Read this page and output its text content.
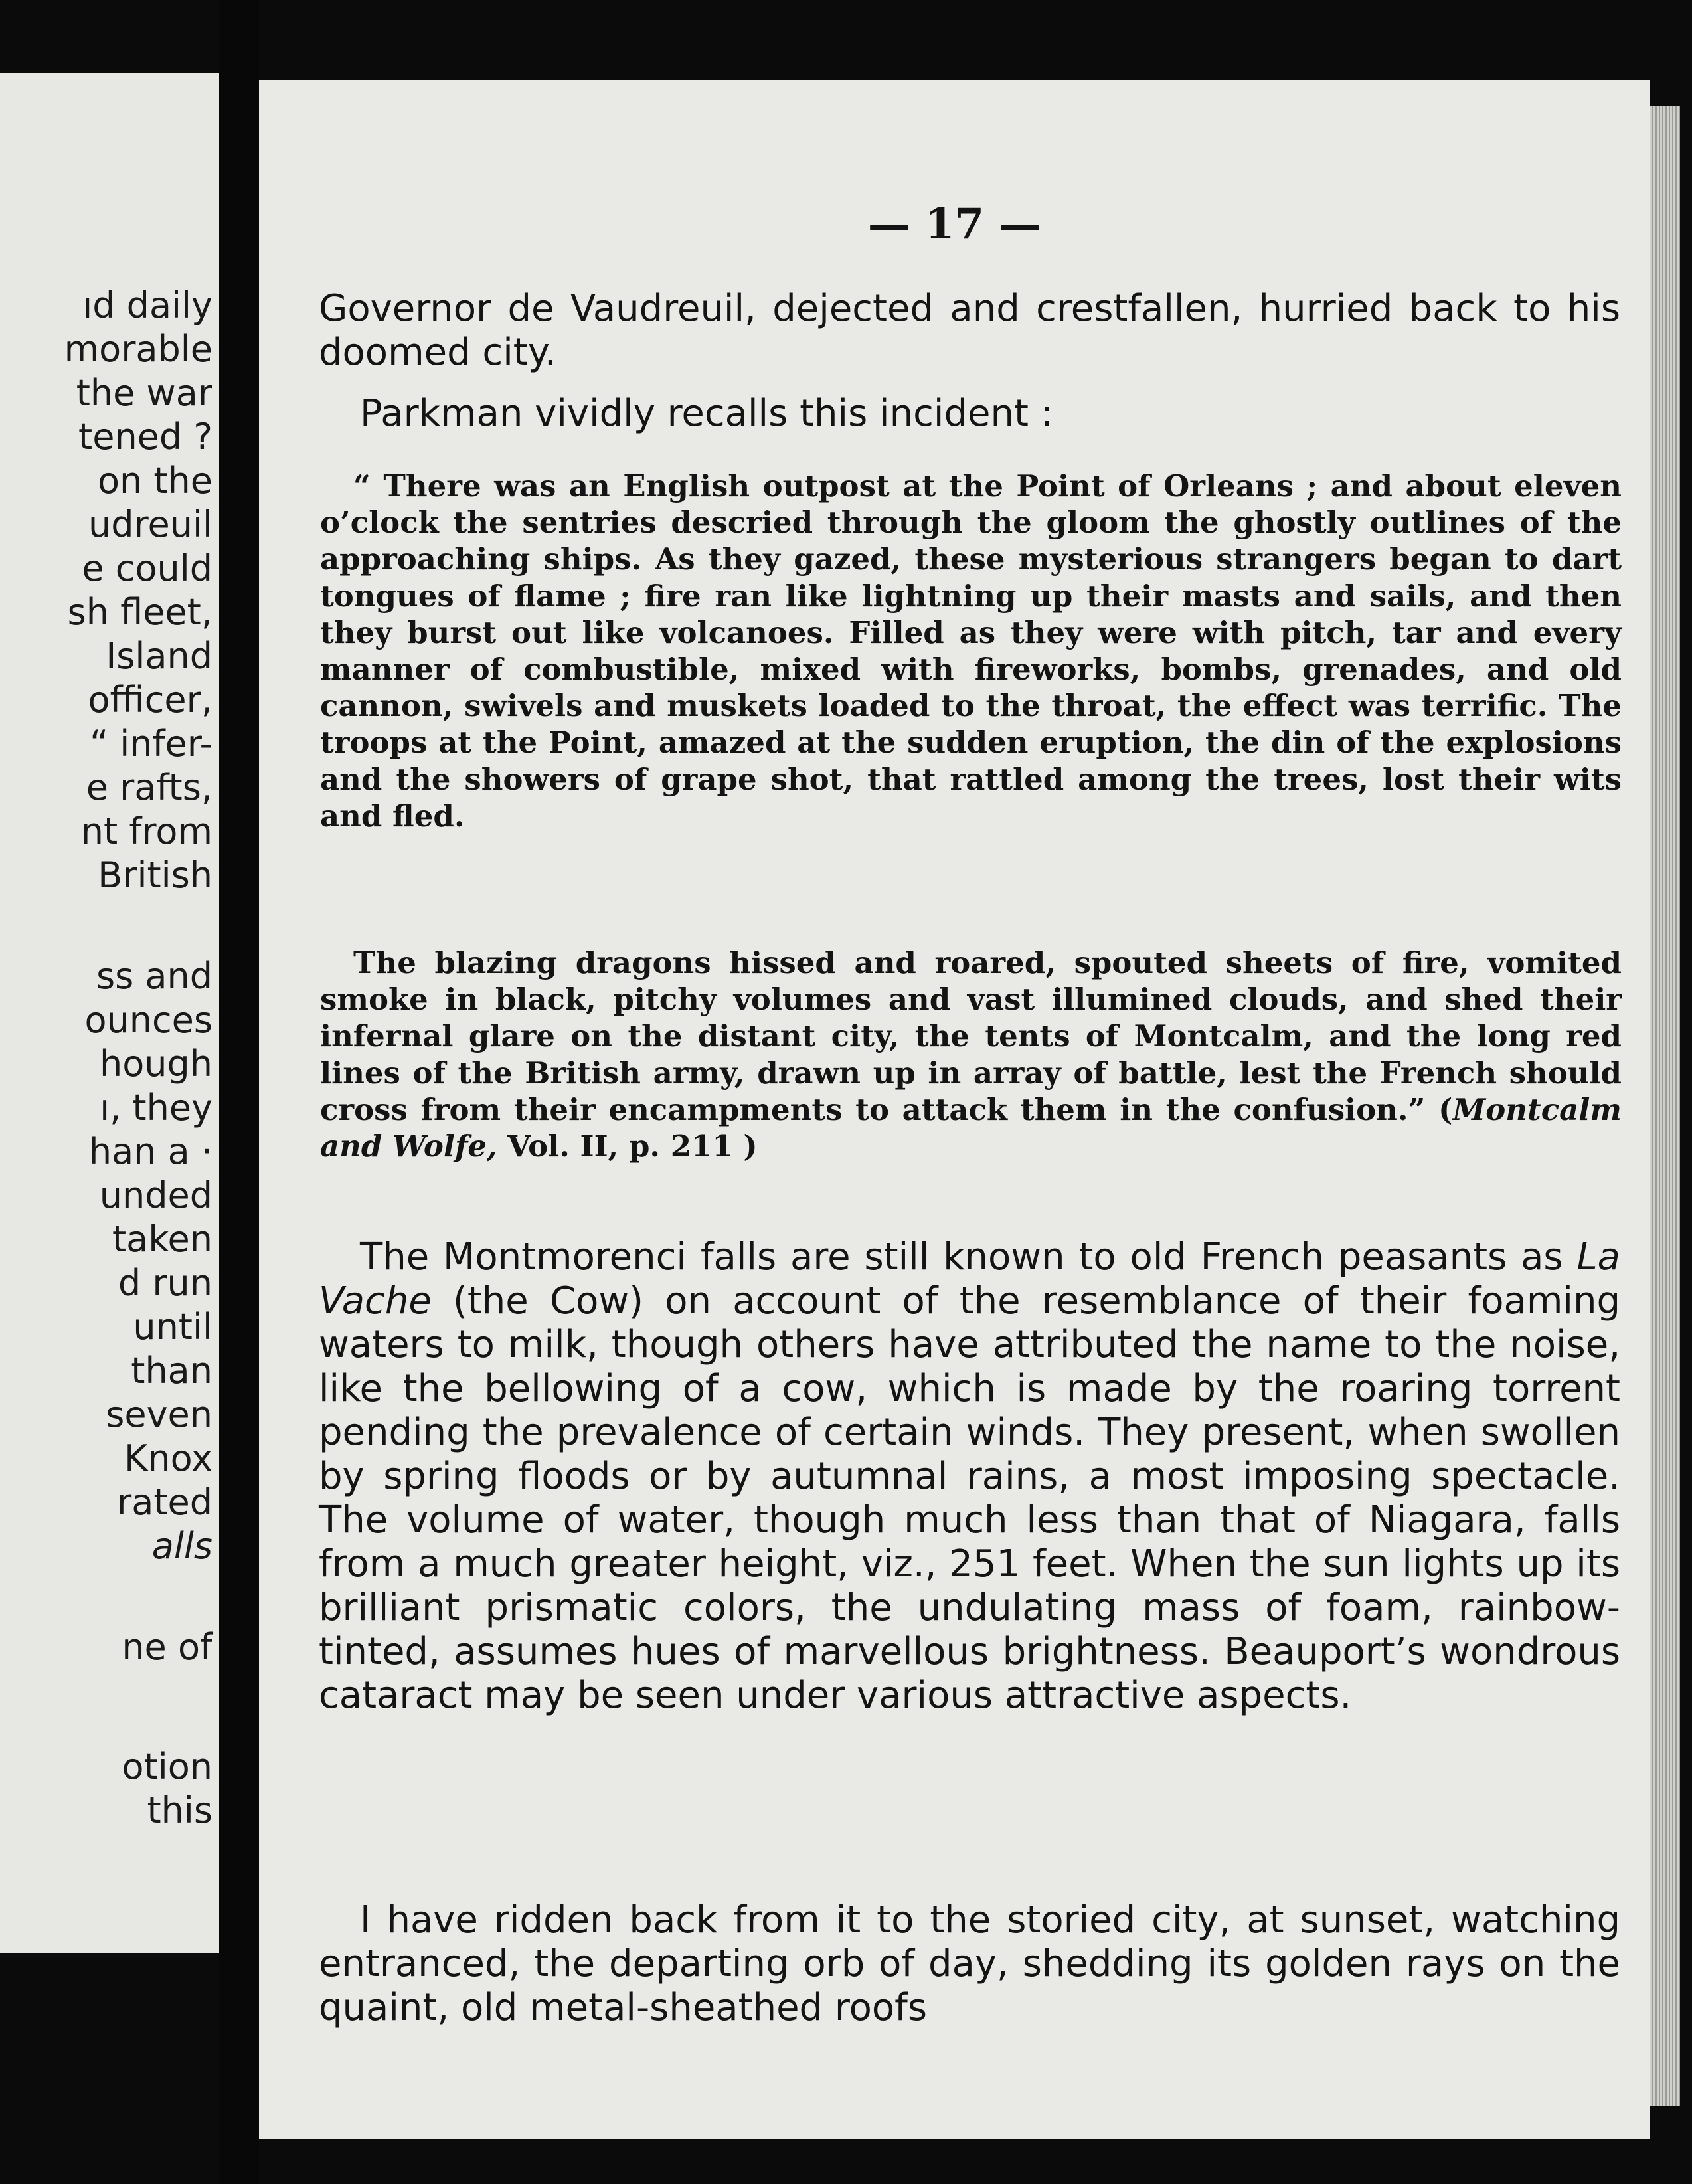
ıd daily
morable
the war
tened ?
on the
udreuil
e could
sh fleet,
Island
officer,
“ infer-
e rafts,
nt from
British
ss and
ounces
hough
ı, they
han a ·
unded
taken
d run
until
than
seven
Knox
rated
alls
ne of
otion
this
— 17 —

Governor de Vaudreuil, dejected and crestfallen, hurried back to his doomed city.

Parkman vividly recalls this incident :

“ There was an English outpost at the Point of Orleans ; and about eleven o’clock the sentries descried through the gloom the ghostly outlines of the approaching ships. As they gazed, these mysterious strangers began to dart tongues of flame ; fire ran like lightning up their masts and sails, and then they burst out like volcanoes. Filled as they were with pitch, tar and every manner of combustible, mixed with fireworks, bombs, grenades, and old cannon, swivels and muskets loaded to the throat, the effect was terrific. The troops at the Point, amazed at the sudden eruption, the din of the explosions and the showers of grape shot, that rattled among the trees, lost their wits and fled.

The blazing dragons hissed and roared, spouted sheets of fire, vomited smoke in black, pitchy volumes and vast illumined clouds, and shed their infernal glare on the distant city, the tents of Montcalm, and the long red lines of the British army, drawn up in array of battle, lest the French should cross from their encampments to attack them in the confusion.” (Montcalm and Wolfe, Vol. II, p. 211 )

The Montmorenci falls are still known to old French peasants as La Vache (the Cow) on account of the resemblance of their foaming waters to milk, though others have attributed the name to the noise, like the bellowing of a cow, which is made by the roaring torrent pending the prevalence of certain winds. They present, when swollen by spring floods or by autumnal rains, a most imposing spectacle. The volume of water, though much less than that of Niagara, falls from a much greater height, viz., 251 feet. When the sun lights up its brilliant prismatic colors, the undulating mass of foam, rainbow-tinted, assumes hues of marvellous brightness. Beauport’s wondrous cataract may be seen under various attractive aspects.

I have ridden back from it to the storied city, at sunset, watching entranced, the departing orb of day, shedding its golden rays on the quaint, old metal-sheathed roofs
